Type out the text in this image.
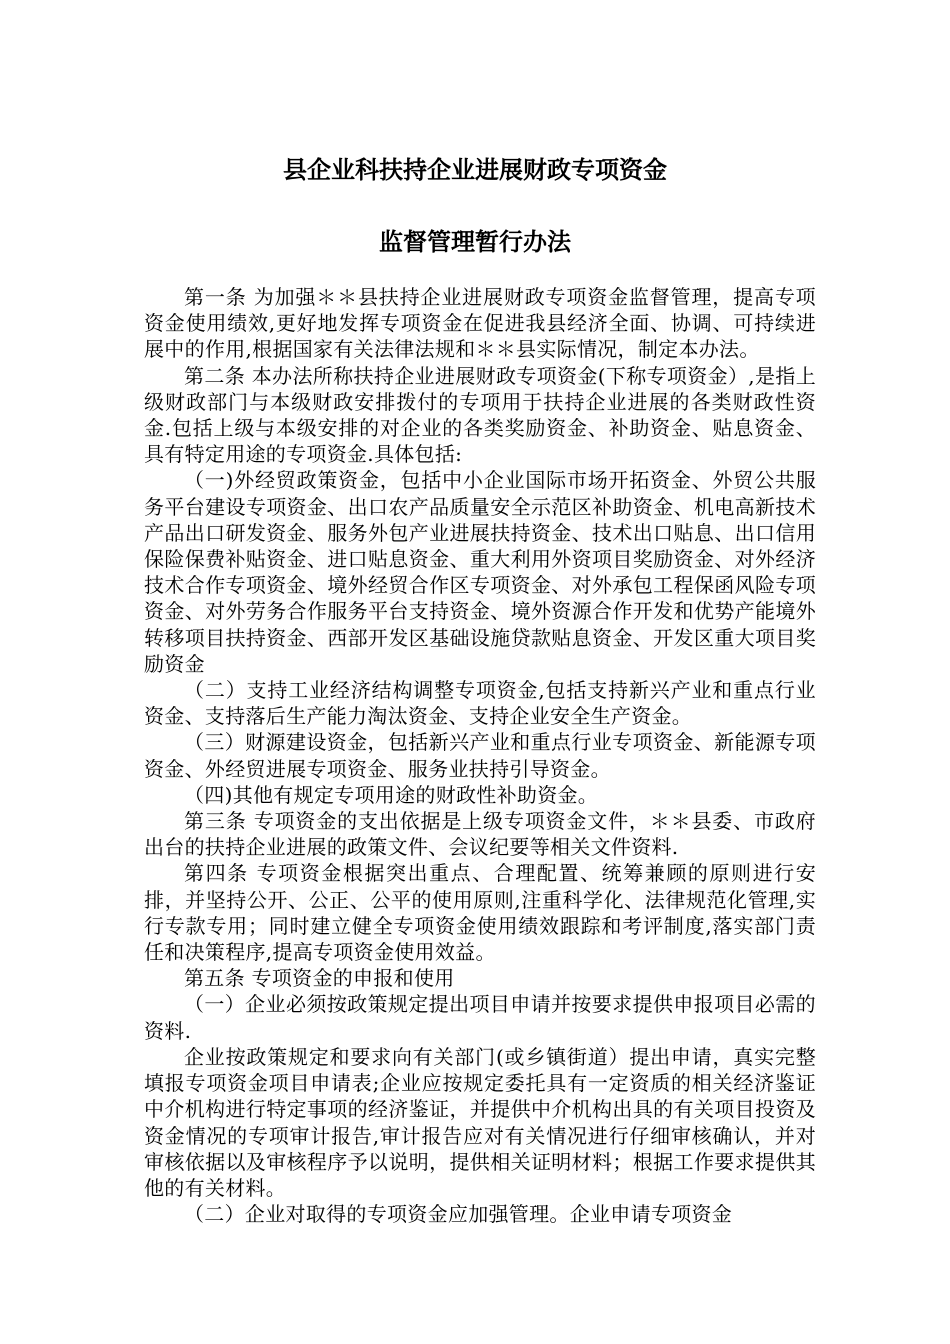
县企业科扶持企业进展财政专项资金
监督管理暂行办法

第一条 为加强＊＊县扶持企业进展财政专项资金监督管理，提高专项资金使用绩效,更好地发挥专项资金在促进我县经济全面、协调、可持续进展中的作用,根据国家有关法律法规和＊＊县实际情况，制定本办法。

第二条 本办法所称扶持企业进展财政专项资金(下称专项资金）,是指上级财政部门与本级财政安排拨付的专项用于扶持企业进展的各类财政性资金.包括上级与本级安排的对企业的各类奖励资金、补助资金、贴息资金、具有特定用途的专项资金.具体包括:

（一)外经贸政策资金，包括中小企业国际市场开拓资金、外贸公共服务平台建设专项资金、出口农产品质量安全示范区补助资金、机电高新技术产品出口研发资金、服务外包产业进展扶持资金、技术出口贴息、出口信用保险保费补贴资金、进口贴息资金、重大利用外资项目奖励资金、对外经济技术合作专项资金、境外经贸合作区专项资金、对外承包工程保函风险专项资金、对外劳务合作服务平台支持资金、境外资源合作开发和优势产能境外转移项目扶持资金、西部开发区基础设施贷款贴息资金、开发区重大项目奖励资金

（二）支持工业经济结构调整专项资金,包括支持新兴产业和重点行业资金、支持落后生产能力淘汰资金、支持企业安全生产资金。

（三）财源建设资金，包括新兴产业和重点行业专项资金、新能源专项资金、外经贸进展专项资金、服务业扶持引导资金。

（四)其他有规定专项用途的财政性补助资金。

第三条 专项资金的支出依据是上级专项资金文件，＊＊县委、市政府出台的扶持企业进展的政策文件、会议纪要等相关文件资料.

第四条 专项资金根据突出重点、合理配置、统筹兼顾的原则进行安排，并坚持公开、公正、公平的使用原则,注重科学化、法律规范化管理,实行专款专用；同时建立健全专项资金使用绩效跟踪和考评制度,落实部门责任和决策程序,提高专项资金使用效益。

第五条 专项资金的申报和使用

（一）企业必须按政策规定提出项目申请并按要求提供申报项目必需的资料.

企业按政策规定和要求向有关部门(或乡镇街道）提出申请，真实完整填报专项资金项目申请表;企业应按规定委托具有一定资质的相关经济鉴证中介机构进行特定事项的经济鉴证，并提供中介机构出具的有关项目投资及资金情况的专项审计报告,审计报告应对有关情况进行仔细审核确认，并对审核依据以及审核程序予以说明，提供相关证明材料；根据工作要求提供其他的有关材料。

（二）企业对取得的专项资金应加强管理。企业申请专项资金
